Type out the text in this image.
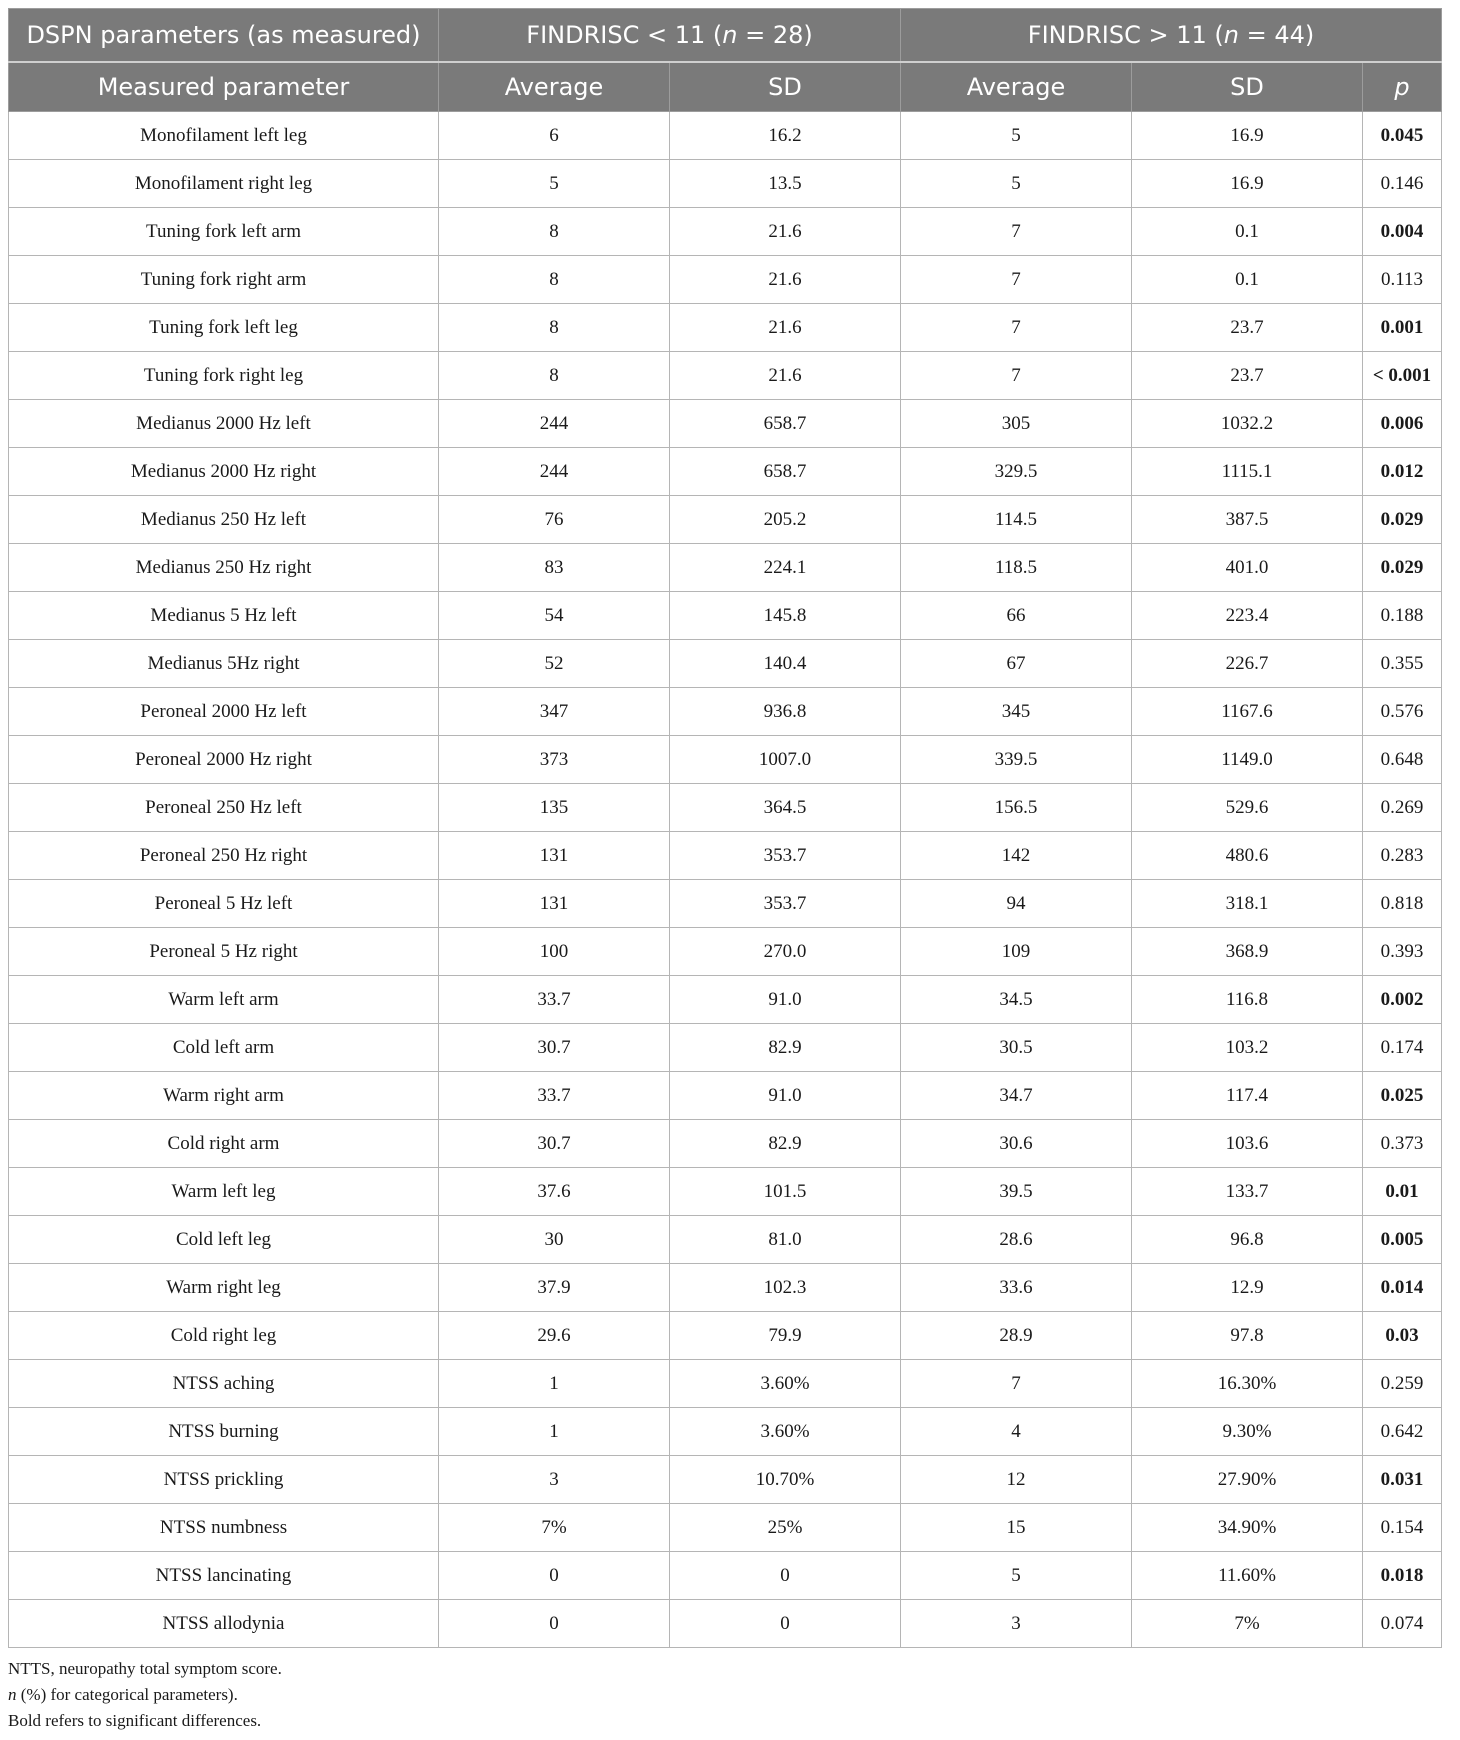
DSPN parameters (as measured)	FINDRISC < 11 (n = 28)		FINDRISC > 11 (n = 44)		
Measured parameter	Average	SD	Average	SD	p
Monofilament left leg	6	16.2	5	16.9	0.045
Monofilament right leg	5	13.5	5	16.9	0.146
Tuning fork left arm	8	21.6	7	0.1	0.004
Tuning fork right arm	8	21.6	7	0.1	0.113
Tuning fork left leg	8	21.6	7	23.7	0.001
Tuning fork right leg	8	21.6	7	23.7	< 0.001
Medianus 2000 Hz left	244	658.7	305	1032.2	0.006
Medianus 2000 Hz right	244	658.7	329.5	1115.1	0.012
Medianus 250 Hz left	76	205.2	114.5	387.5	0.029
Medianus 250 Hz right	83	224.1	118.5	401.0	0.029
Medianus 5 Hz left	54	145.8	66	223.4	0.188
Medianus 5Hz right	52	140.4	67	226.7	0.355
Peroneal 2000 Hz left	347	936.8	345	1167.6	0.576
Peroneal 2000 Hz right	373	1007.0	339.5	1149.0	0.648
Peroneal 250 Hz left	135	364.5	156.5	529.6	0.269
Peroneal 250 Hz right	131	353.7	142	480.6	0.283
Peroneal 5 Hz left	131	353.7	94	318.1	0.818
Peroneal 5 Hz right	100	270.0	109	368.9	0.393
Warm left arm	33.7	91.0	34.5	116.8	0.002
Cold left arm	30.7	82.9	30.5	103.2	0.174
Warm right arm	33.7	91.0	34.7	117.4	0.025
Cold right arm	30.7	82.9	30.6	103.6	0.373
Warm left leg	37.6	101.5	39.5	133.7	0.01
Cold left leg	30	81.0	28.6	96.8	0.005
Warm right leg	37.9	102.3	33.6	12.9	0.014
Cold right leg	29.6	79.9	28.9	97.8	0.03
NTSS aching	1	3.60%	7	16.30%	0.259
NTSS burning	1	3.60%	4	9.30%	0.642
NTSS prickling	3	10.70%	12	27.90%	0.031
NTSS numbness	7%	25%	15	34.90%	0.154
NTSS lancinating	0	0	5	11.60%	0.018
NTSS allodynia	0	0	3	7%	0.074
NTTS, neuropathy total symptom score.
n (%) for categorical parameters).
Bold refers to significant differences.
